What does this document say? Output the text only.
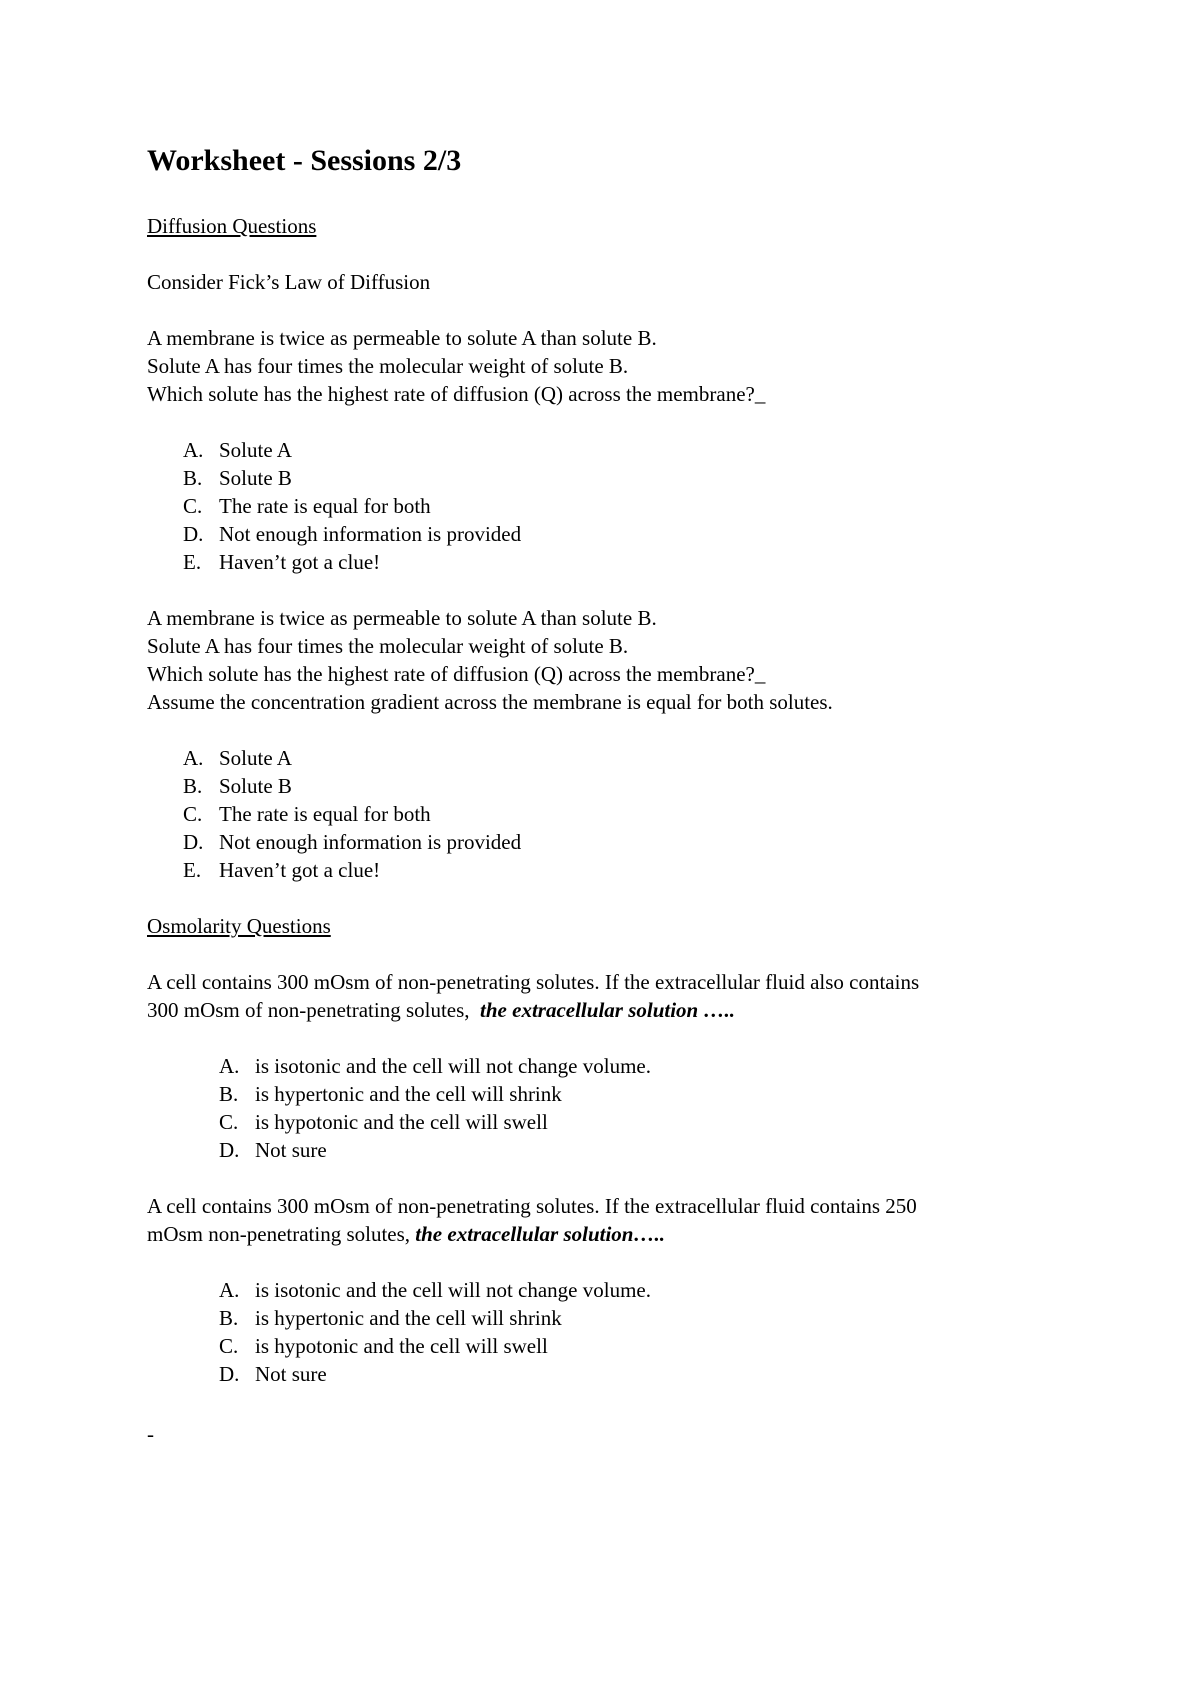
Worksheet - Sessions 2/3
Diffusion Questions
Consider Fick’s Law of Diffusion
A membrane is twice as permeable to solute A than solute B.
Solute A has four times the molecular weight of solute B.
Which solute has the highest rate of diffusion (Q) across the membrane?_
A. Solute A
B. Solute B
C. The rate is equal for both
D. Not enough information is provided
E. Haven’t got a clue!
A membrane is twice as permeable to solute A than solute B.
Solute A has four times the molecular weight of solute B.
Which solute has the highest rate of diffusion (Q) across the membrane?_
Assume the concentration gradient across the membrane is equal for both solutes.
A. Solute A
B. Solute B
C. The rate is equal for both
D. Not enough information is provided
E. Haven’t got a clue!
Osmolarity Questions
A cell contains 300 mOsm of non-penetrating solutes. If the extracellular fluid also contains
300 mOsm of non-penetrating solutes,  the extracellular solution …..
A. is isotonic and the cell will not change volume.
B. is hypertonic and the cell will shrink
C. is hypotonic and the cell will swell
D. Not sure
A cell contains 300 mOsm of non-penetrating solutes. If the extracellular fluid contains 250
mOsm non-penetrating solutes, the extracellular solution…..
A. is isotonic and the cell will not change volume.
B. is hypertonic and the cell will shrink
C. is hypotonic and the cell will swell
D. Not sure
-
